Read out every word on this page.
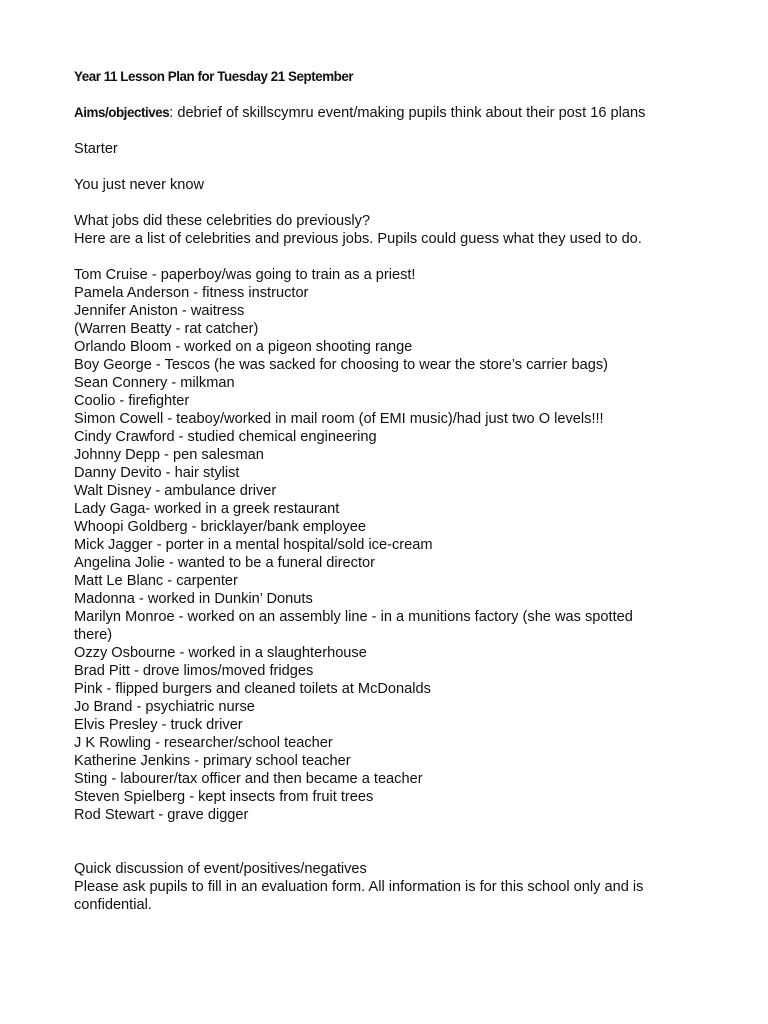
Year 11 Lesson Plan for Tuesday 21 September
Aims/objectives: debrief of skillscymru event/making pupils think about their post 16 plans
Starter
You just never know
What jobs did these celebrities do previously?
Here are a list of celebrities and previous jobs. Pupils could guess what they used to do.
Tom Cruise - paperboy/was going to train as a priest!
Pamela Anderson - fitness instructor
Jennifer Aniston - waitress
(Warren Beatty - rat catcher)
Orlando Bloom - worked on a pigeon shooting range
Boy George - Tescos (he was sacked for choosing to wear the store’s carrier bags)
Sean Connery - milkman
Coolio - firefighter
Simon Cowell - teaboy/worked in mail room (of EMI music)/had just two O levels!!!
Cindy Crawford - studied chemical engineering
Johnny Depp - pen salesman
Danny Devito - hair stylist
Walt Disney - ambulance driver
Lady Gaga- worked in a greek restaurant
Whoopi Goldberg - bricklayer/bank employee
Mick Jagger - porter in a mental hospital/sold ice-cream
Angelina Jolie - wanted to be a funeral director
Matt Le Blanc - carpenter
Madonna - worked in Dunkin’ Donuts
Marilyn Monroe - worked on an assembly line - in a munitions factory (she was spotted there)
Ozzy Osbourne - worked in a slaughterhouse
Brad Pitt - drove limos/moved fridges
Pink - flipped burgers and cleaned toilets at McDonalds
Jo Brand - psychiatric nurse
Elvis Presley - truck driver
J K Rowling - researcher/school teacher
Katherine Jenkins - primary school teacher
Sting - labourer/tax officer and then became a teacher
Steven Spielberg - kept insects from fruit trees
Rod Stewart - grave digger
Quick discussion of event/positives/negatives
Please ask pupils to fill in an evaluation form. All information is for this school only and is confidential.
